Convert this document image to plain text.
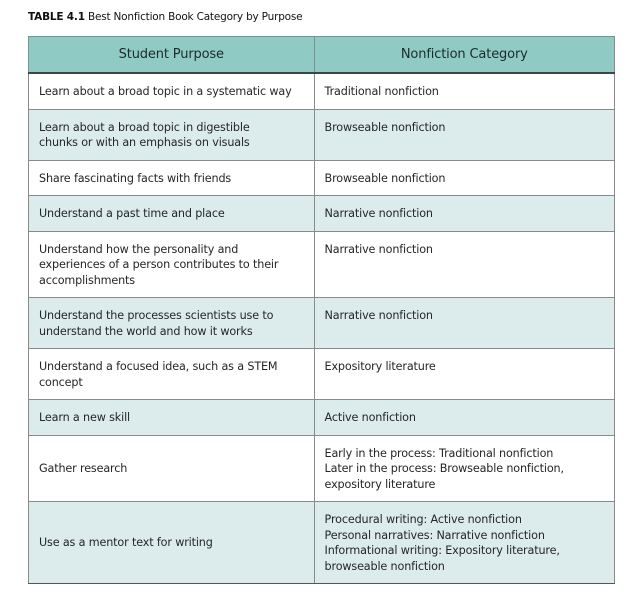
TABLE 4.1 Best Nonfiction Book Category by Purpose
Student Purpose	Nonfiction Category

Learn about a broad topic in a systematic way	Traditional nonfiction

Learn about a broad topic in digestible chunks or with an emphasis on visuals	Browseable nonfiction

Share fascinating facts with friends	Browseable nonfiction

Understand a past time and place	Narrative nonfiction

Understand how the personality and experiences of a person contributes to their accomplishments	Narrative nonfiction

Understand the processes scientists use to understand the world and how it works	Narrative nonfiction

Understand a focused idea, such as a STEM concept	Expository literature

Learn a new skill	Active nonfiction

Gather research	Early in the process: Traditional nonfiction
Later in the process: Browseable nonfiction, expository literature

Use as a mentor text for writing	Procedural writing: Active nonfiction
Personal narratives: Narrative nonfiction
Informational writing: Expository literature, browseable nonfiction
